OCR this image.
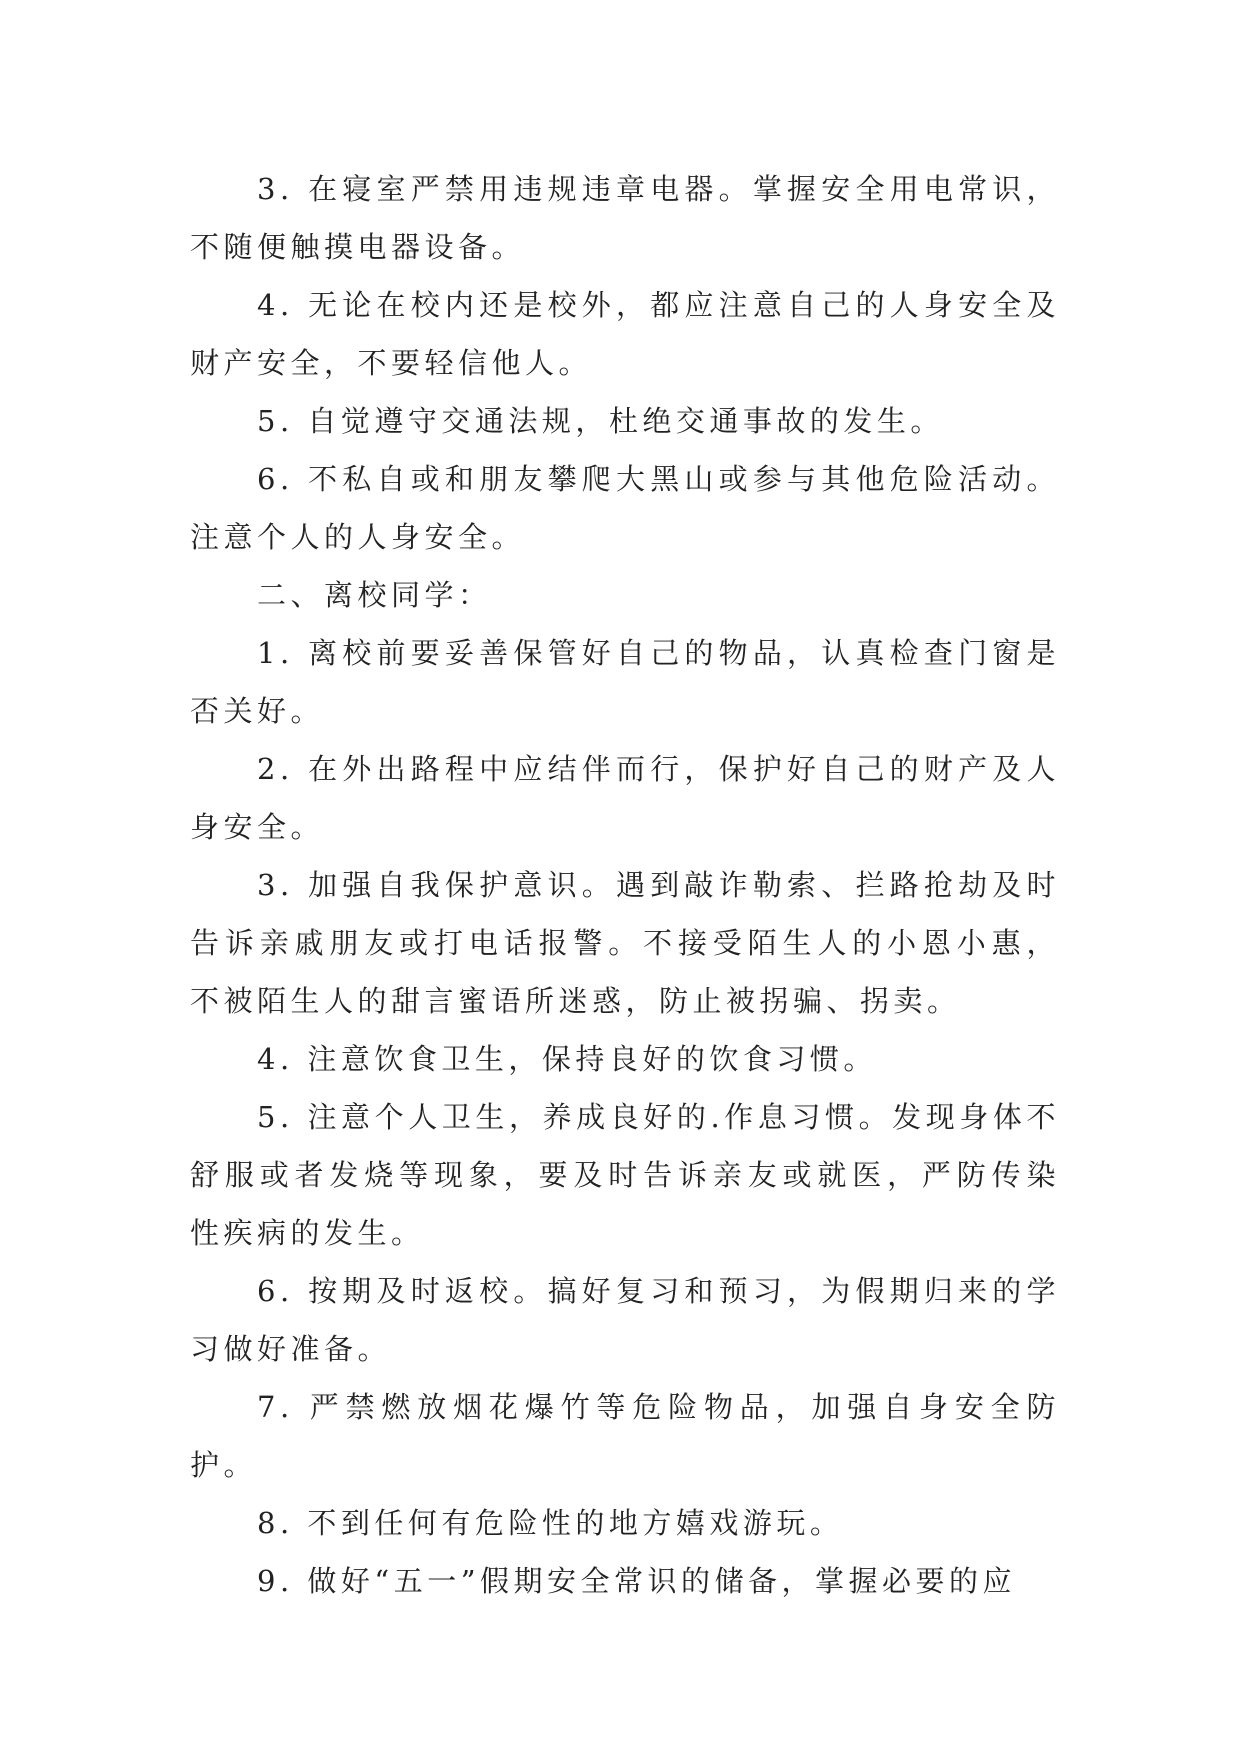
3. 在寝室严禁用违规违章电器。掌握安全用电常识，不随便触摸电器设备。

4. 无论在校内还是校外，都应注意自己的人身安全及财产安全，不要轻信他人。

5. 自觉遵守交通法规，杜绝交通事故的发生。

6. 不私自或和朋友攀爬大黑山或参与其他危险活动。注意个人的人身安全。

二、离校同学：

1. 离校前要妥善保管好自己的物品，认真检查门窗是否关好。

2. 在外出路程中应结伴而行，保护好自己的财产及人身安全。

3. 加强自我保护意识。遇到敲诈勒索、拦路抢劫及时告诉亲戚朋友或打电话报警。不接受陌生人的小恩小惠，不被陌生人的甜言蜜语所迷惑，防止被拐骗、拐卖。

4. 注意饮食卫生，保持良好的饮食习惯。

5. 注意个人卫生，养成良好的.作息习惯。发现身体不舒服或者发烧等现象，要及时告诉亲友或就医，严防传染性疾病的发生。

6. 按期及时返校。搞好复习和预习，为假期归来的学习做好准备。

7. 严禁燃放烟花爆竹等危险物品，加强自身安全防护。

8. 不到任何有危险性的地方嬉戏游玩。

9. 做好“五一”假期安全常识的储备，掌握必要的应
